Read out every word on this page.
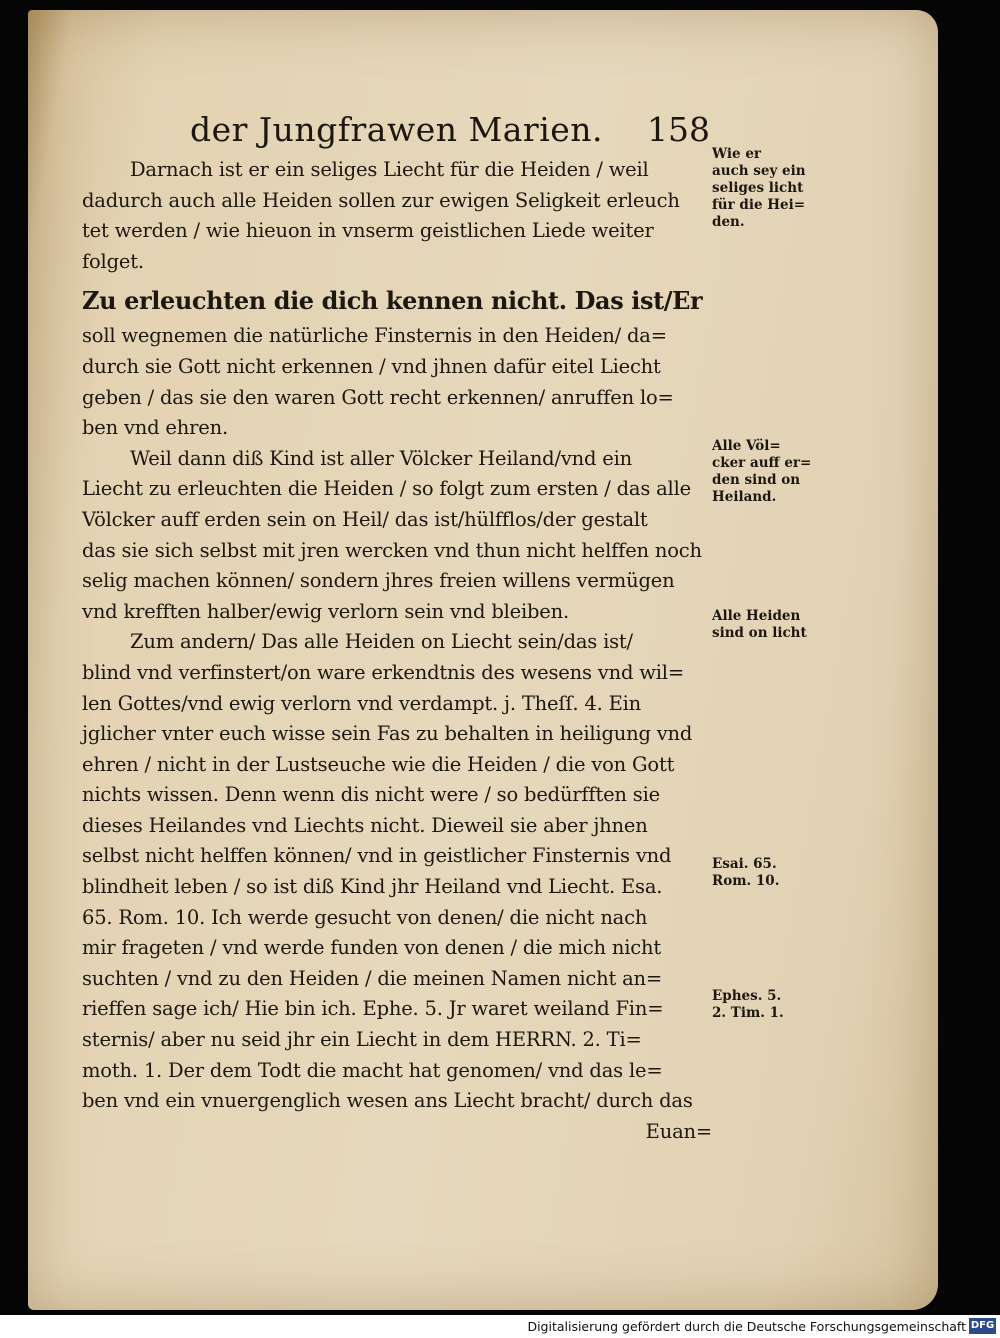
der Jungfrawen Marien. 158
Darnach ist er ein seliges Liecht für die Heiden / weil
dadurch auch alle Heiden sollen zur ewigen Seligkeit erleuch
tet werden / wie hieuon in vnserm geistlichen Liede weiter
folget.
Zu erleuchten die dich kennen nicht. Das ist/Er
soll wegnemen die natürliche Finsternis in den Heiden/ da=
durch sie Gott nicht erkennen / vnd jhnen dafür eitel Liecht
geben / das sie den waren Gott recht erkennen/ anruffen lo=
ben vnd ehren.
Weil dann diß Kind ist aller Völcker Heiland/vnd ein
Liecht zu erleuchten die Heiden / so folgt zum ersten / das alle
Völcker auff erden sein on Heil/ das ist/hülfflos/der gestalt
das sie sich selbst mit jren wercken vnd thun nicht helffen noch
selig machen können/ sondern jhres freien willens vermügen
vnd krefften halber/ewig verlorn sein vnd bleiben.
Zum andern/ Das alle Heiden on Liecht sein/das ist/
blind vnd verfinstert/on ware erkendtnis des wesens vnd wil=
len Gottes/vnd ewig verlorn vnd verdampt. j. Theſſ. 4. Ein
jglicher vnter euch wisse sein Fas zu behalten in heiligung vnd
ehren / nicht in der Lustseuche wie die Heiden / die von Gott
nichts wissen. Denn wenn dis nicht were / so bedürfften sie
dieses Heilandes vnd Liechts nicht. Dieweil sie aber jhnen
selbst nicht helffen können/ vnd in geistlicher Finsternis vnd
blindheit leben / so ist diß Kind jhr Heiland vnd Liecht. Esa.
65. Rom. 10. Ich werde gesucht von denen/ die nicht nach
mir frageten / vnd werde funden von denen / die mich nicht
suchten / vnd zu den Heiden / die meinen Namen nicht an=
rieffen sage ich/ Hie bin ich. Ephe. 5. Jr waret weiland Fin=
sternis/ aber nu seid jhr ein Liecht in dem HERRN. 2. Ti=
moth. 1. Der dem Todt die macht hat genomen/ vnd das le=
ben vnd ein vnuergenglich wesen ans Liecht bracht/ durch das
Euan=
Wie er
auch sey ein
seliges licht
für die Hei=
den.
Alle Völ=
cker auff er=
den sind on
Heiland.
Alle Heiden
sind on licht
Esai. 65.
Rom. 10.
Ephes. 5.
2. Tim. 1.
Digitalisierung gefördert durch die Deutsche Forschungsgemeinschaft DFG
